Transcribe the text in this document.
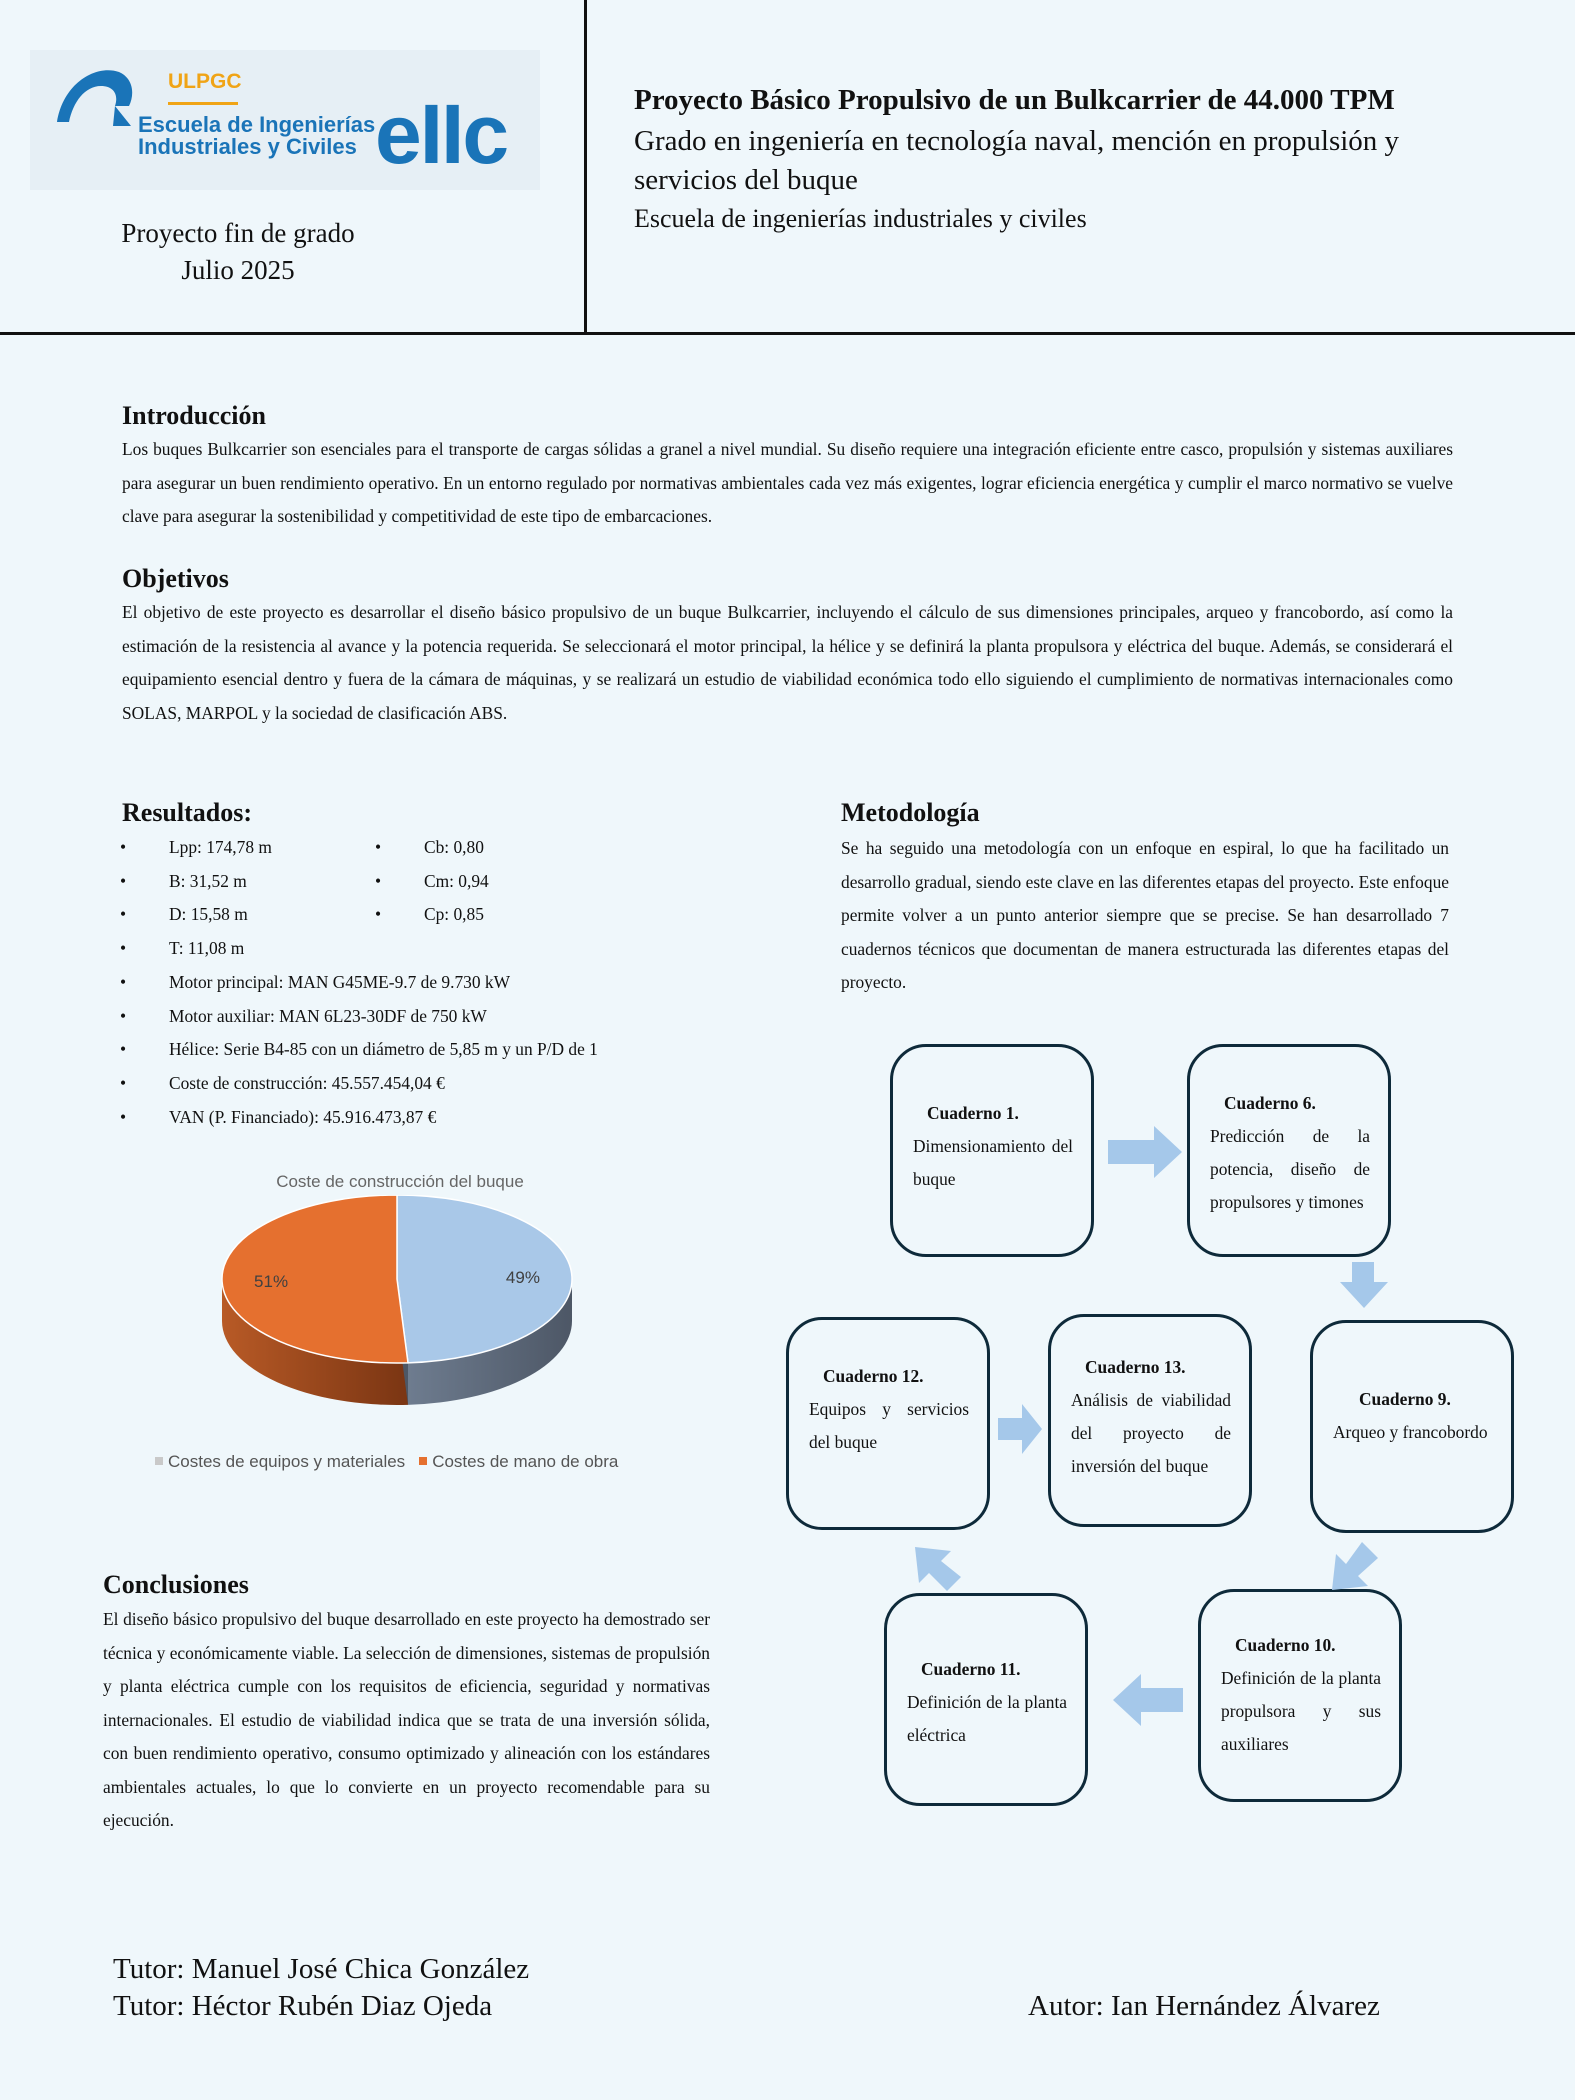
ULPGC
Escuela de Ingenierías
Industriales y Civiles eIIc
Proyecto fin de grado
Julio 2025
Proyecto Básico Propulsivo de un Bulkcarrier de 44.000 TPM
Grado en ingeniería en tecnología naval, mención en propulsión y servicios del buque
Escuela de ingenierías industriales y civiles
Introducción

Los buques Bulkcarrier son esenciales para el transporte de cargas sólidas a granel a nivel mundial. Su diseño requiere una integración eficiente entre casco, propulsión y sistemas auxiliares para asegurar un buen rendimiento operativo. En un entorno regulado por normativas ambientales cada vez más exigentes, lograr eficiencia energética y cumplir el marco normativo se vuelve clave para asegurar la sostenibilidad y competitividad de este tipo de embarcaciones.

Objetivos

El objetivo de este proyecto es desarrollar el diseño básico propulsivo de un buque Bulkcarrier, incluyendo el cálculo de sus dimensiones principales, arqueo y francobordo, así como la estimación de la resistencia al avance y la potencia requerida. Se seleccionará el motor principal, la hélice y se definirá la planta propulsora y eléctrica del buque. Además, se considerará el equipamiento esencial dentro y fuera de la cámara de máquinas, y se realizará un estudio de viabilidad económica todo ello siguiendo el cumplimiento de normativas internacionales como SOLAS, MARPOL y la sociedad de clasificación ABS.

Resultados:
• Lpp: 174,78 m
• B: 31,52 m
• D: 15,58 m
• T: 11,08 m
• Motor principal: MAN G45ME-9.7 de 9.730 kW
• Motor auxiliar: MAN 6L23-30DF de 750 kW
• Hélice: Serie B4-85 con un diámetro de 5,85 m y un P/D de 1
• Coste de construcción: 45.557.454,04 €
• VAN (P. Financiado): 45.916.473,87 €
• Cb: 0,80
• Cm: 0,94
• Cp: 0,85
Coste de construcción del buque
49%
51%
Costes de equipos y materiales Costes de mano de obra
Conclusiones

El diseño básico propulsivo del buque desarrollado en este proyecto ha demostrado ser técnica y económicamente viable. La selección de dimensiones, sistemas de propulsión y planta eléctrica cumple con los requisitos de eficiencia, seguridad y normativas internacionales. El estudio de viabilidad indica que se trata de una inversión sólida, con buen rendimiento operativo, consumo optimizado y alineación con los estándares ambientales actuales, lo que lo convierte en un proyecto recomendable para su ejecución.

Metodología

Se ha seguido una metodología con un enfoque en espiral, lo que ha facilitado un desarrollo gradual, siendo este clave en las diferentes etapas del proyecto. Este enfoque permite volver a un punto anterior siempre que se precise. Se han desarrollado 7 cuadernos técnicos que documentan de manera estructurada las diferentes etapas del proyecto.

Cuaderno 1.
Dimensionamiento del buque
Cuaderno 6.
Predicción de la potencia, diseño de propulsores y timones
Cuaderno 9.
Arqueo y francobordo
Cuaderno 10.
Definición de la planta propulsora y sus auxiliares
Cuaderno 11.
Definición de la planta eléctrica
Cuaderno 12.
Equipos y servicios del buque
Cuaderno 13.
Análisis de viabilidad del proyecto de inversión del buque
Tutor: Manuel José Chica González
Tutor: Héctor Rubén Diaz Ojeda	Autor: Ian Hernández Álvarez
